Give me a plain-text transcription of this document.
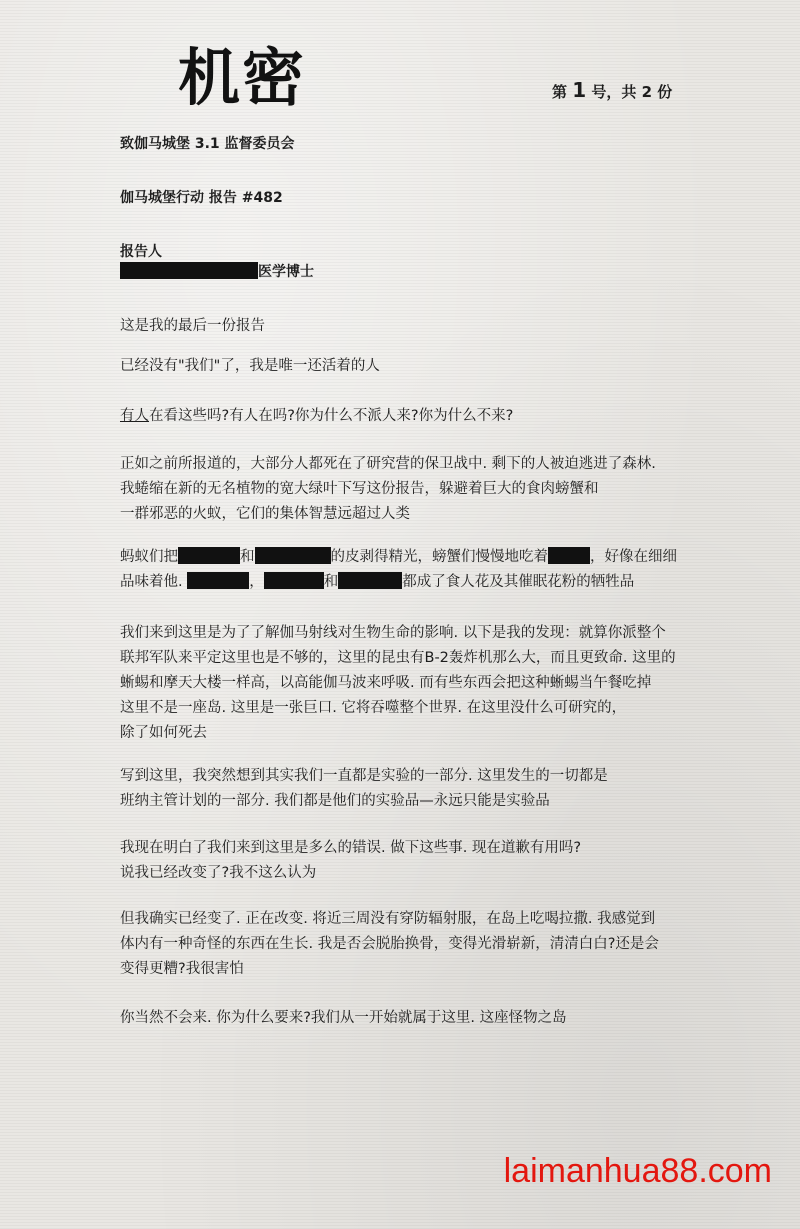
机密	第 1 号，共 2 份

致伽马城堡 3.1 监督委员会

伽马城堡行动 报告 #482

报告人

医学博士

这是我的最后一份报告

已经没有"我们"了，我是唯一还活着的人

有人在看这些吗?有人在吗?你为什么不派人来?你为什么不来?

正如之前所报道的，大部分人都死在了研究营的保卫战中. 剩下的人被迫逃进了森林.
我蜷缩在新的无名植物的宽大绿叶下写这份报告，躲避着巨大的食肉螃蟹和
一群邪恶的火蚁，它们的集体智慧远超过人类
蚂蚁们把	和	的皮剥得精光，螃蟹们慢慢地吃着	，好像在细细
品味着他.	，	和	都成了食人花及其催眠花粉的牺牲品
我们来到这里是为了了解伽马射线对生物生命的影响. 以下是我的发现：就算你派整个
联邦军队来平定这里也是不够的，这里的昆虫有B-2轰炸机那么大，而且更致命. 这里的
蜥蜴和摩天大楼一样高，以高能伽马波来呼吸. 而有些东西会把这种蜥蜴当午餐吃掉
这里不是一座岛. 这里是一张巨口. 它将吞噬整个世界. 在这里没什么可研究的，
除了如何死去
写到这里，我突然想到其实我们一直都是实验的一部分. 这里发生的一切都是
班纳主管计划的一部分. 我们都是他们的实验品—永远只能是实验品
我现在明白了我们来到这里是多么的错误. 做下这些事. 现在道歉有用吗?
说我已经改变了?我不这么认为
但我确实已经变了. 正在改变. 将近三周没有穿防辐射服，在岛上吃喝拉撒. 我感觉到
体内有一种奇怪的东西在生长. 我是否会脱胎换骨，变得光滑崭新，清清白白?还是会
变得更糟?我很害怕

你当然不会来. 你为什么要来?我们从一开始就属于这里. 这座怪物之岛

laimanhua88.com
